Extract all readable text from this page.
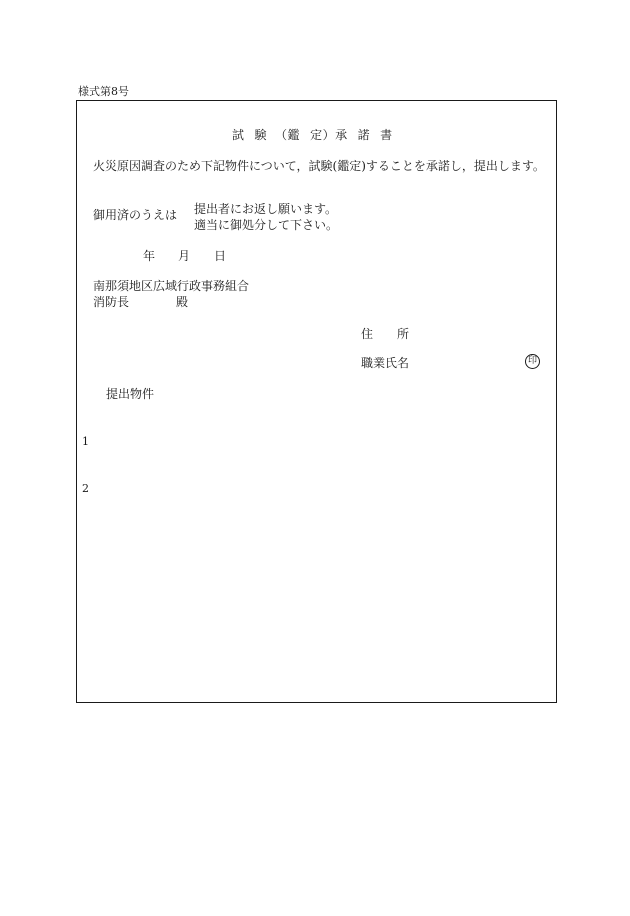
様式第8号
試 験 （鑑 定）承 諾 書
火災原因調査のため下記物件について，試験(鑑定)することを承諾し，提出します。
御用済のうえは 提出者にお返し願います。
適当に御処分して下さい。
年 月 日
南那須地区広域行政事務組合
消防長	殿
住 所
職業氏名	印
提出物件
1
2
